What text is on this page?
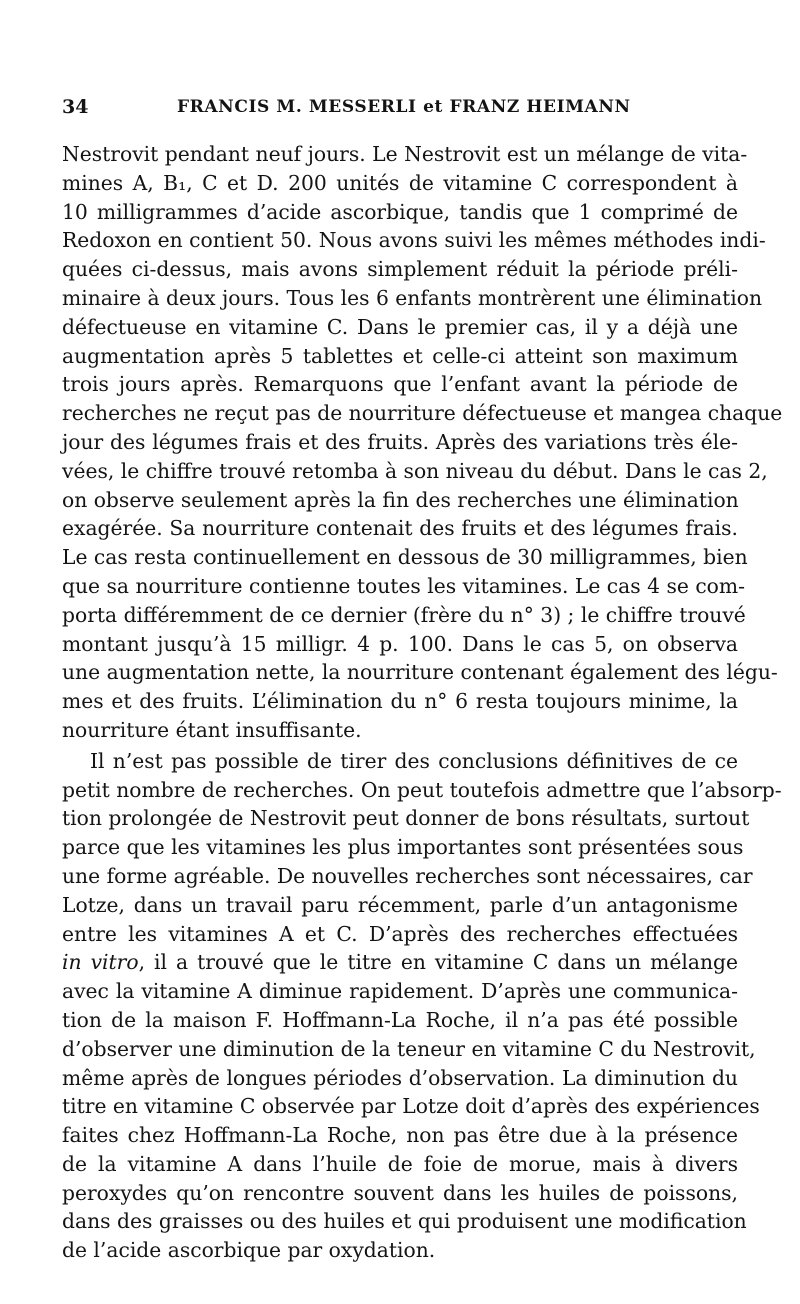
34	FRANCIS M. MESSERLI et FRANZ HEIMANN
Nestrovit pendant neuf jours. Le Nestrovit est un mélange de vita-
mines A, B₁, C et D. 200 unités de vitamine C correspondent à
10 milligrammes d’acide ascorbique, tandis que 1 comprimé de
Redoxon en contient 50. Nous avons suivi les mêmes méthodes indi-
quées ci-dessus, mais avons simplement réduit la période préli-
minaire à deux jours. Tous les 6 enfants montrèrent une élimination
défectueuse en vitamine C. Dans le premier cas, il y a déjà une
augmentation après 5 tablettes et celle-ci atteint son maximum
trois jours après. Remarquons que l’enfant avant la période de
recherches ne reçut pas de nourriture défectueuse et mangea chaque
jour des légumes frais et des fruits. Après des variations très éle-
vées, le chiffre trouvé retomba à son niveau du début. Dans le cas 2,
on observe seulement après la fin des recherches une élimination
exagérée. Sa nourriture contenait des fruits et des légumes frais.
Le cas resta continuellement en dessous de 30 milligrammes, bien
que sa nourriture contienne toutes les vitamines. Le cas 4 se com-
porta différemment de ce dernier (frère du n° 3) ; le chiffre trouvé
montant jusqu’à 15 milligr. 4 p. 100. Dans le cas 5, on observa
une augmentation nette, la nourriture contenant également des légu-
mes et des fruits. L’élimination du n° 6 resta toujours minime, la
nourriture étant insuffisante.
Il n’est pas possible de tirer des conclusions définitives de ce
petit nombre de recherches. On peut toutefois admettre que l’absorp-
tion prolongée de Nestrovit peut donner de bons résultats, surtout
parce que les vitamines les plus importantes sont présentées sous
une forme agréable. De nouvelles recherches sont nécessaires, car
Lotze, dans un travail paru récemment, parle d’un antagonisme
entre les vitamines A et C. D’après des recherches effectuées
in vitro, il a trouvé que le titre en vitamine C dans un mélange
avec la vitamine A diminue rapidement. D’après une communica-
tion de la maison F. Hoffmann-La Roche, il n’a pas été possible
d’observer une diminution de la teneur en vitamine C du Nestrovit,
même après de longues périodes d’observation. La diminution du
titre en vitamine C observée par Lotze doit d’après des expériences
faites chez Hoffmann-La Roche, non pas être due à la présence
de la vitamine A dans l’huile de foie de morue, mais à divers
peroxydes qu’on rencontre souvent dans les huiles de poissons,
dans des graisses ou des huiles et qui produisent une modification
de l’acide ascorbique par oxydation.
